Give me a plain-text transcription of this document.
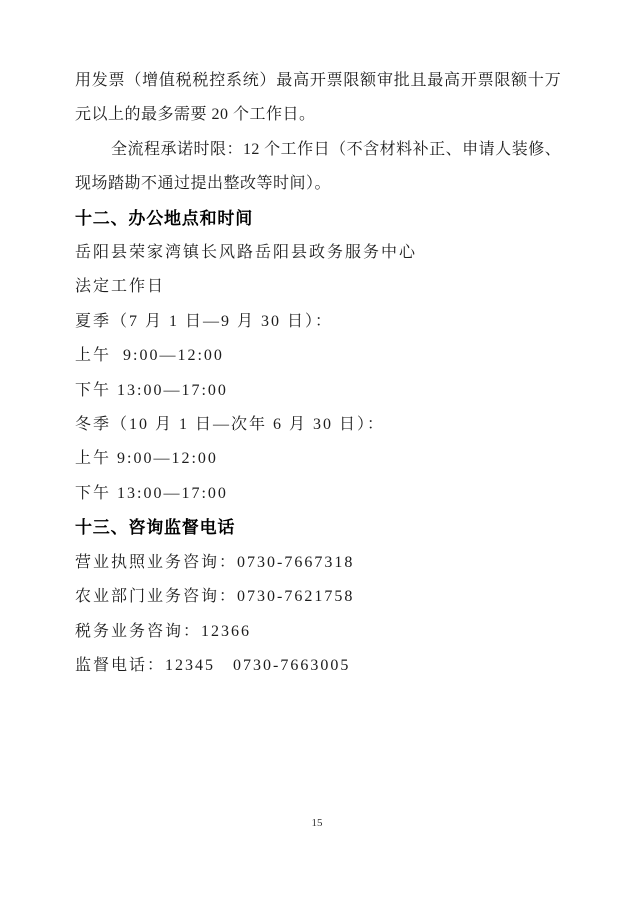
用发票（增值税税控系统）最高开票限额审批且最高开票限额十万

元以上的最多需要 20 个工作日。

全流程承诺时限：12 个工作日（不含材料补正、申请人装修、

现场踏勘不通过提出整改等时间）。

十二、办公地点和时间

岳阳县荣家湾镇长风路岳阳县政务服务中心

法定工作日

夏季（7 月 1 日—9 月 30 日）：

上午  9:00—12:00

下午 13:00—17:00

冬季（10 月 1 日—次年 6 月 30 日）：

上午 9:00—12:00

下午 13:00—17:00

十三、咨询监督电话

营业执照业务咨询：0730-7667318

农业部门业务咨询：0730-7621758

税务业务咨询：12366

监督电话：12345   0730-7663005

15
